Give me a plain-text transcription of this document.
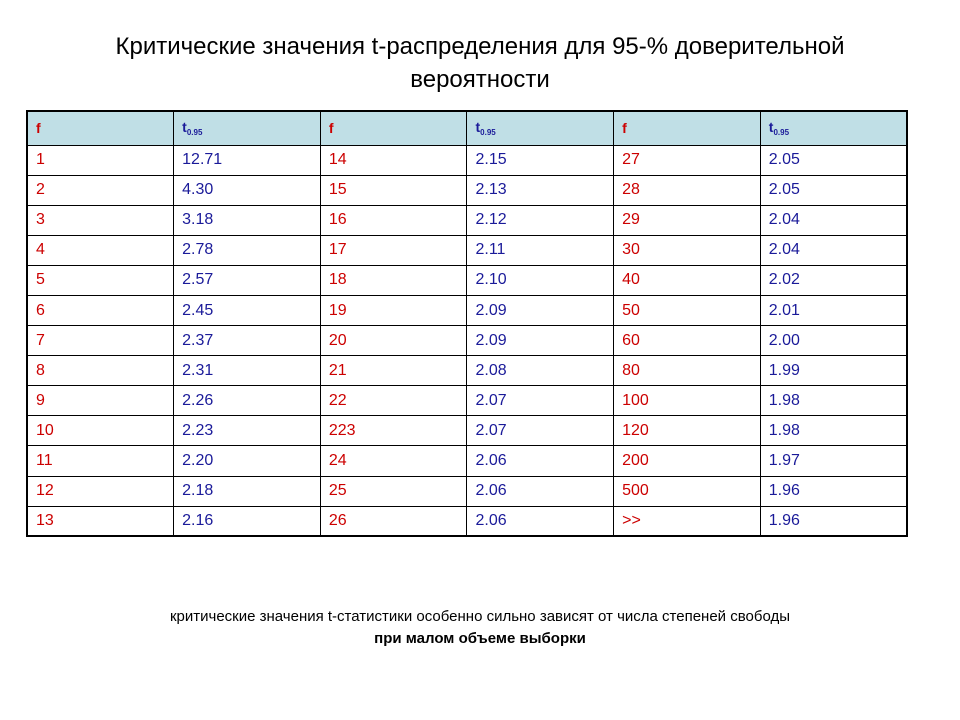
Критические значения t-распределения для 95-% доверительной
вероятности
f	$t_{0.95}$	f	$t_{0.95}$	f	$t_{0.95}$
1	12.71	14	2.15	27	2.05
2	4.30	15	2.13	28	2.05
3	3.18	16	2.12	29	2.04
4	2.78	17	2.11	30	2.04
5	2.57	18	2.10	40	2.02
6	2.45	19	2.09	50	2.01
7	2.37	20	2.09	60	2.00
8	2.31	21	2.08	80	1.99
9	2.26	22	2.07	100	1.98
10	2.23	223	2.07	120	1.98
11	2.20	24	2.06	200	1.97
12	2.18	25	2.06	500	1.96
13	2.16	26	2.06	>>	1.96
критические значения t-статистики особенно сильно зависят от числа степеней свободы
при малом объеме выборки
